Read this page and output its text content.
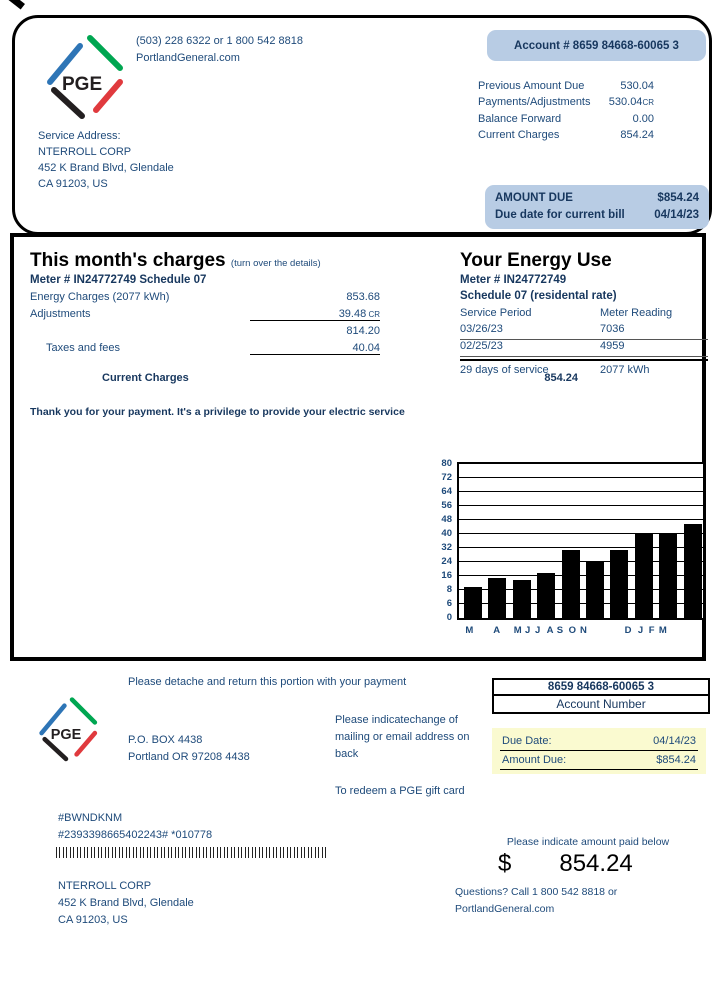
PGE
(503) 228 6322 or 1 800 542 8818
PortlandGeneral.com
Service Address:
NTERROLL CORP
452 K Brand Blvd, Glendale
CA 91203, US
Account # 8659 84668-60065 3
Previous Amount Due	530.04
Payments/Adjustments 530.04CR
Balance Forward	0.00
Current Charges	854.24
AMOUNT DUE	$854.24
Due date for current bill	04/14/23
This month's charges (turn over the details)
Meter # IN24772749 Schedule 07
Energy Charges (2077 kWh)	853.68
Adjustments	39.48 CR
814.20
Taxes and fees	40.04
Current Charges	854.24
Thank you for your payment. It's a privilege to provide your electric service
Your Energy Use
Meter # IN24772749
Schedule 07 (residental rate)
Service Period	Meter Reading
03/26/23	7036
02/25/23	4959
29 days of service	2077 kWh
80
72
64
56
48
40
32
24
16
8
6
0
M A M J J A S O N	D J F M
Please detache and return this portion with your payment
PGE	P.O. BOX 4438
Portland OR 97208 4438
Please indicatechange of mailing or email address on back
To redeem a PGE gift card
8659 84668-60065 3
Account Number
Due Date:	04/14/23
Amount Due:	$854.24
#BWNDKNM
#2393398665402243# *010778
NTERROLL CORP
452 K Brand Blvd, Glendale
CA 91203, US
Please indicate amount paid below
$ 854.24
Questions? Call 1 800 542 8818 or
PortlandGeneral.com
